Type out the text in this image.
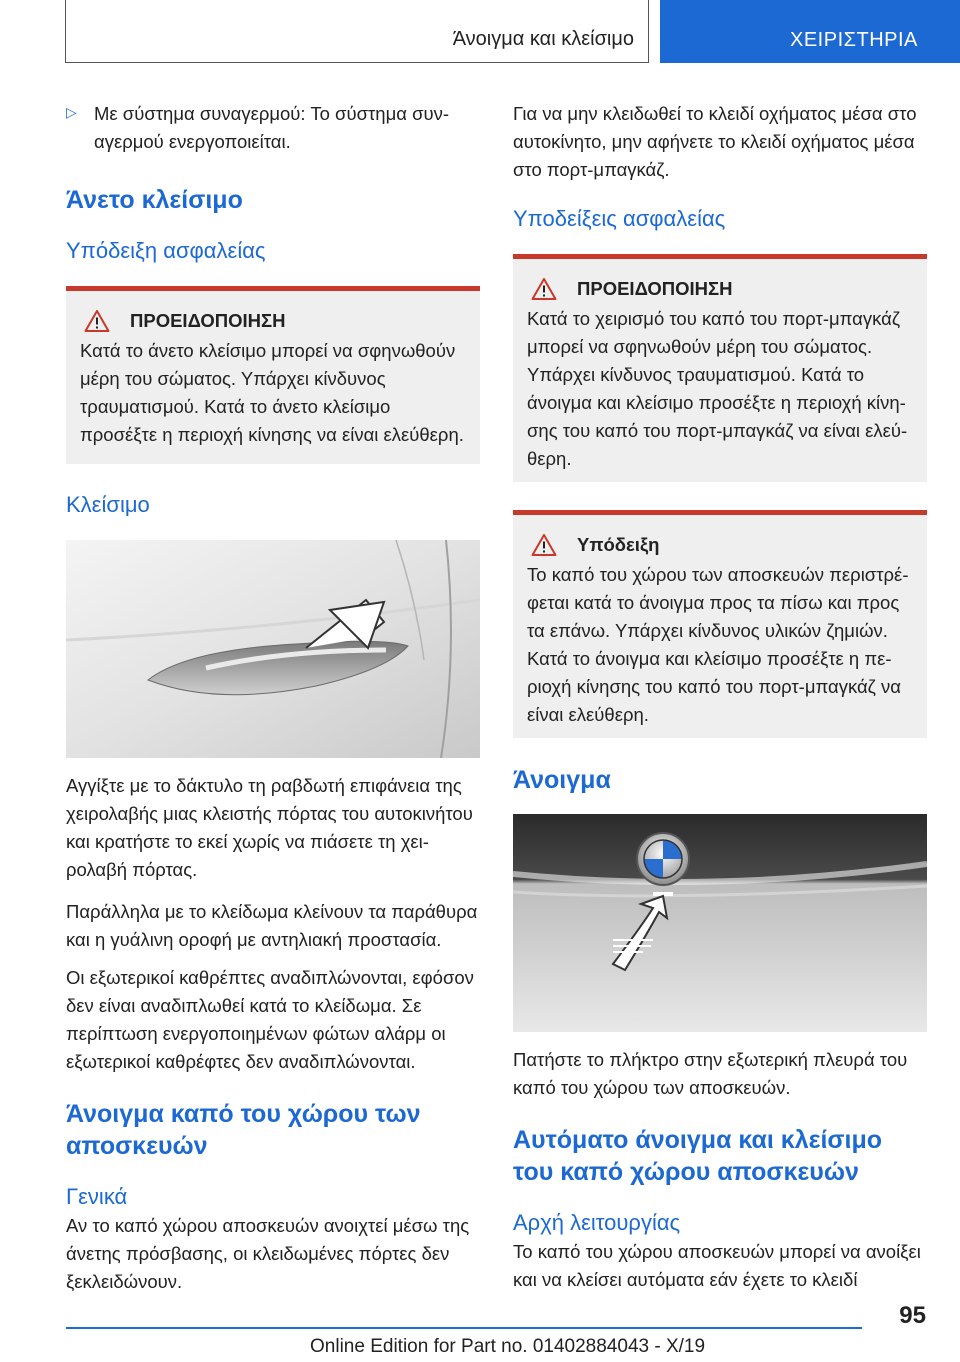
Άνοιγμα και κλείσιμο	ΧΕΙΡΙΣΤΗΡΙΑ
▷ Με σύστημα συναγερμού: Το σύστημα συναγερμού ενεργοποιείται.

Άνετο κλείσιμο
Υπόδειξη ασφαλείας
ΠΡΟΕΙΔΟΠΟΙΗΣΗ

Κατά το άνετο κλείσιμο μπορεί να σφηνωθούν μέρη του σώματος. Υπάρχει κίνδυνος τραυματισμού. Κατά το άνετο κλείσιμο προσέξτε η περιοχή κίνησης να είναι ελεύθερη.

Κλείσιμο

Αγγίξτε με το δάκτυλο τη ραβδωτή επιφάνεια της χειρολαβής μιας κλειστής πόρτας του αυτοκινήτου και κρατήστε το εκεί χωρίς να πιάσετε τη χειρολαβή πόρτας.

Παράλληλα με το κλείδωμα κλείνουν τα παράθυρα και η γυάλινη οροφή με αντηλιακή προστασία.

Οι εξωτερικοί καθρέπτες αναδιπλώνονται, εφόσον δεν είναι αναδιπλωθεί κατά το κλείδωμα. Σε περίπτωση ενεργοποιημένων φώτων αλάρμ οι εξωτερικοί καθρέφτες δεν αναδιπλώνονται.

Άνοιγμα καπό του χώρου των αποσκευών
Γενικά

Αν το καπό χώρου αποσκευών ανοιχτεί μέσω της άνετης πρόσβασης, οι κλειδωμένες πόρτες δεν ξεκλειδώνουν.

Για να μην κλειδωθεί το κλειδί οχήματος μέσα στο αυτοκίνητο, μην αφήνετε το κλειδί οχήματος μέσα στο πορτ-μπαγκάζ.

Υποδείξεις ασφαλείας
ΠΡΟΕΙΔΟΠΟΙΗΣΗ

Κατά το χειρισμό του καπό του πορτ-μπαγκάζ μπορεί να σφηνωθούν μέρη του σώματος. Υπάρχει κίνδυνος τραυματισμού. Κατά το άνοιγμα και κλείσιμο προσέξτε η περιοχή κίνησης του καπό του πορτ-μπαγκάζ να είναι ελεύθερη.

Υπόδειξη

Το καπό του χώρου των αποσκευών περιστρέφεται κατά το άνοιγμα προς τα πίσω και προς τα επάνω. Υπάρχει κίνδυνος υλικών ζημιών. Κατά το άνοιγμα και κλείσιμο προσέξτε η περιοχή κίνησης του καπό του πορτ-μπαγκάζ να είναι ελεύθερη.

Άνοιγμα

Πατήστε το πλήκτρο στην εξωτερική πλευρά του καπό του χώρου των αποσκευών.

Αυτόματο άνοιγμα και κλείσιμο του καπό χώρου αποσκευών
Αρχή λειτουργίας

Το καπό του χώρου αποσκευών μπορεί να ανοίξει και να κλείσει αυτόματα εάν έχετε το κλειδί

95
Online Edition for Part no. 01402884043 - X/19
